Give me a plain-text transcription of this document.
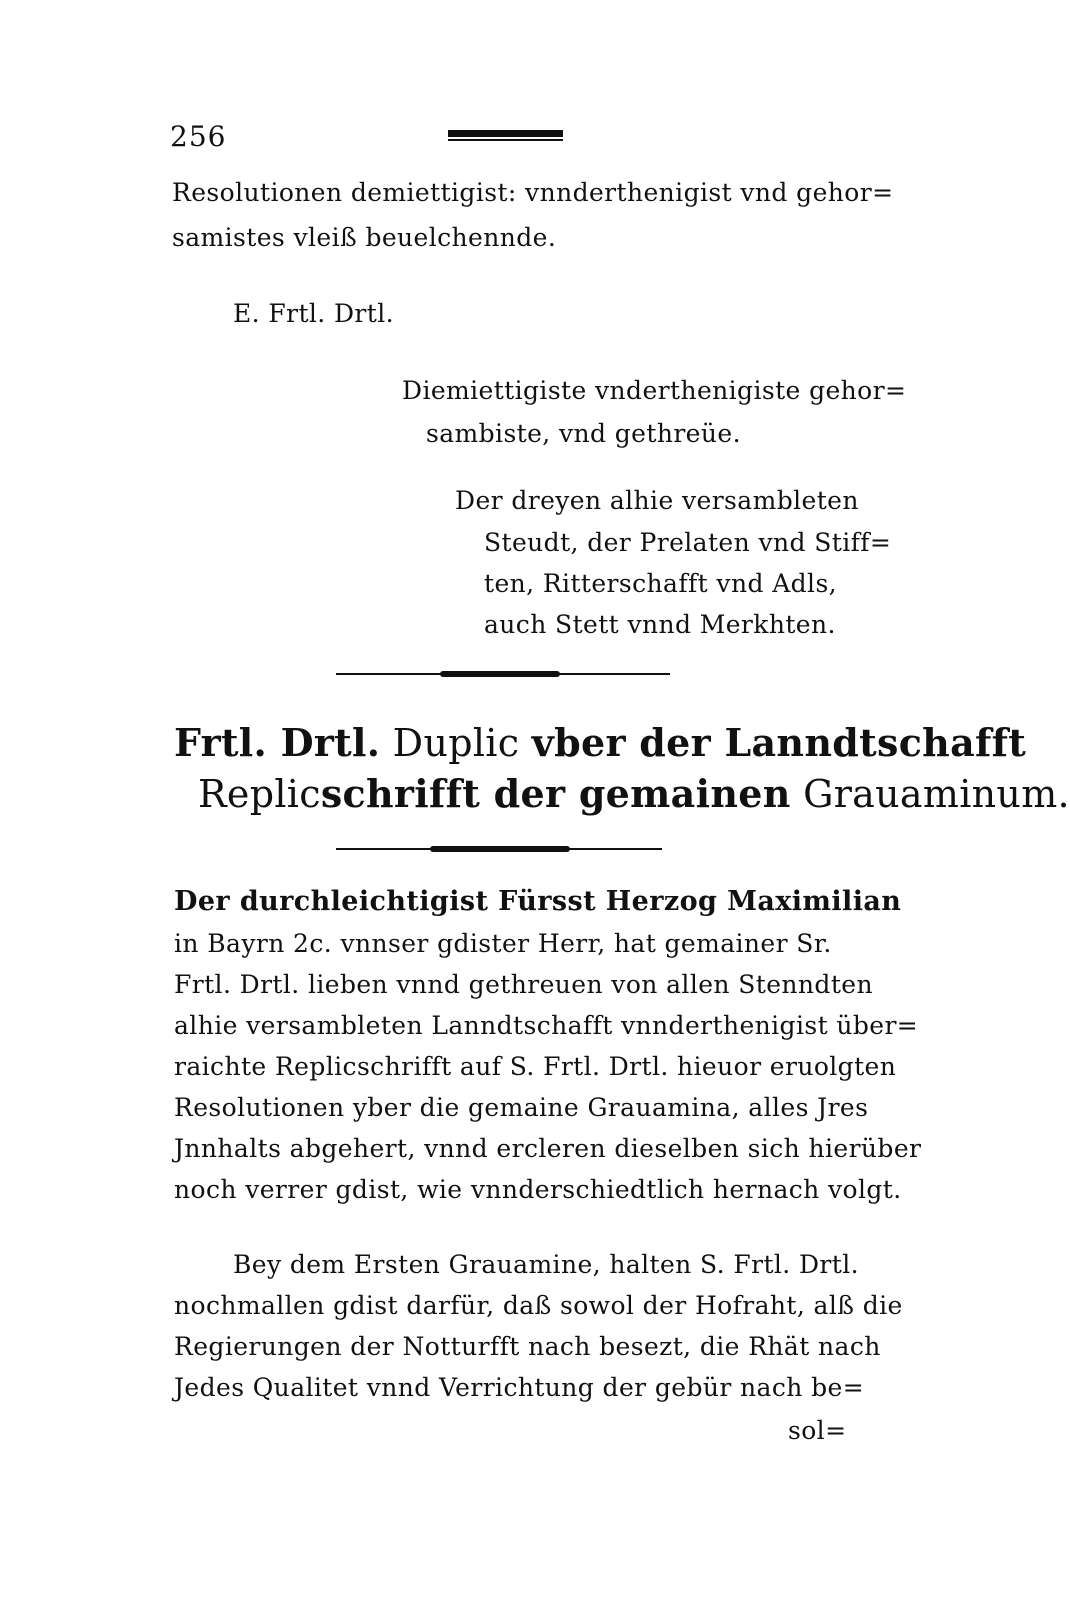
256
Resolutionen demiettigist: vnnderthenigist vnd gehor=
samistes vleiß beuelchennde.
E. Frtl. Drtl.
Diemiettigiste vnderthenigiste gehor=
sambiste, vnd gethreüe.
Der dreyen alhie versambleten
Steudt, der Prelaten vnd Stiff=
ten, Ritterschafft vnd Adls,
auch Stett vnnd Merkhten.
Frtl. Drtl. Duplic vber der Lanndtschafft
Replicschrifft der gemainen Grauaminum.
Der durchleichtigist Fürsst Herzog Maximilian
in Bayrn 2c. vnnser gdister Herr, hat gemainer Sr.
Frtl. Drtl. lieben vnnd gethreuen von allen Stenndten
alhie versambleten Lanndtschafft vnnderthenigist über=
raichte Replicschrifft auf S. Frtl. Drtl. hieuor eruolgten
Resolutionen yber die gemaine Grauamina, alles Jres
Jnnhalts abgehert, vnnd ercleren dieselben sich hierüber
noch verrer gdist, wie vnnderschiedtlich hernach volgt.
Bey dem Ersten Grauamine, halten S. Frtl. Drtl.
nochmallen gdist darfür, daß sowol der Hofraht, alß die
Regierungen der Notturfft nach besezt, die Rhät nach
Jedes Qualitet vnnd Verrichtung der gebür nach be=
sol=
